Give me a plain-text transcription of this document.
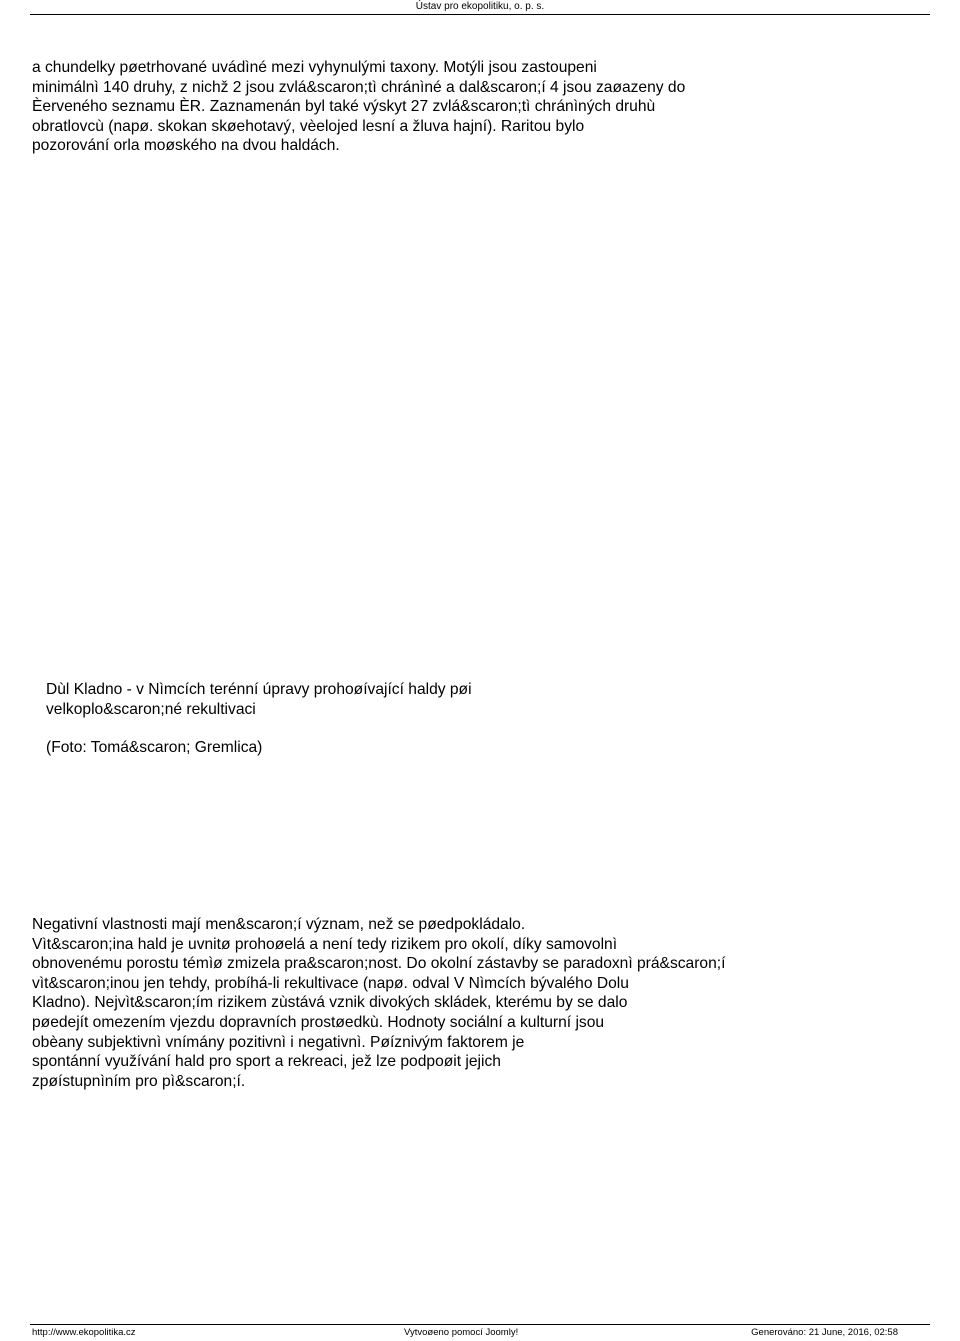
Ústav pro ekopolitiku, o. p. s.
a chundelky pøetrhované uvádìné mezi vyhynulými taxony. Motýli jsou zastoupeni
minimálnì 140 druhy, z nichž 2 jsou zvlá&scaron;tì chránìné a dal&scaron;í 4 jsou zaøazeny do
Èerveného seznamu ÈR. Zaznamenán byl také výskyt 27 zvlá&scaron;tì chránìných druhù
obratlovcù (napø. skokan skøehotavý, vèelojed lesní a žluva hajní). Raritou bylo
pozorování orla moøského na dvou haldách.
Dùl Kladno - v Nìmcích terénní úpravy prohoøívající haldy pøi
velkoplo&scaron;né rekultivaci
(Foto: Tomá&scaron; Gremlica)
Negativní vlastnosti mají men&scaron;í význam, než se pøedpokládalo.
Vìt&scaron;ina hald je uvnitø prohoøelá a není tedy rizikem pro okolí, díky samovolnì
obnovenému porostu témìø zmizela pra&scaron;nost. Do okolní zástavby se paradoxnì prá&scaron;í
vìt&scaron;inou jen tehdy, probíhá-li rekultivace (napø. odval V Nìmcích bývalého Dolu
Kladno). Nejvìt&scaron;ím rizikem zùstává vznik divokých skládek, kterému by se dalo
pøedejít omezením vjezdu dopravních prostøedkù. Hodnoty sociální a kulturní jsou
obèany subjektivnì vnímány pozitivnì i negativnì. Pøíznivým faktorem je
spontánní využívání hald pro sport a rekreaci, jež lze podpoøit jejich
zpøístupnìním pro pì&scaron;í.
http://www.ekopolitika.cz	Vytvoøeno pomocí Joomly!	Generováno: 21 June, 2016, 02:58
